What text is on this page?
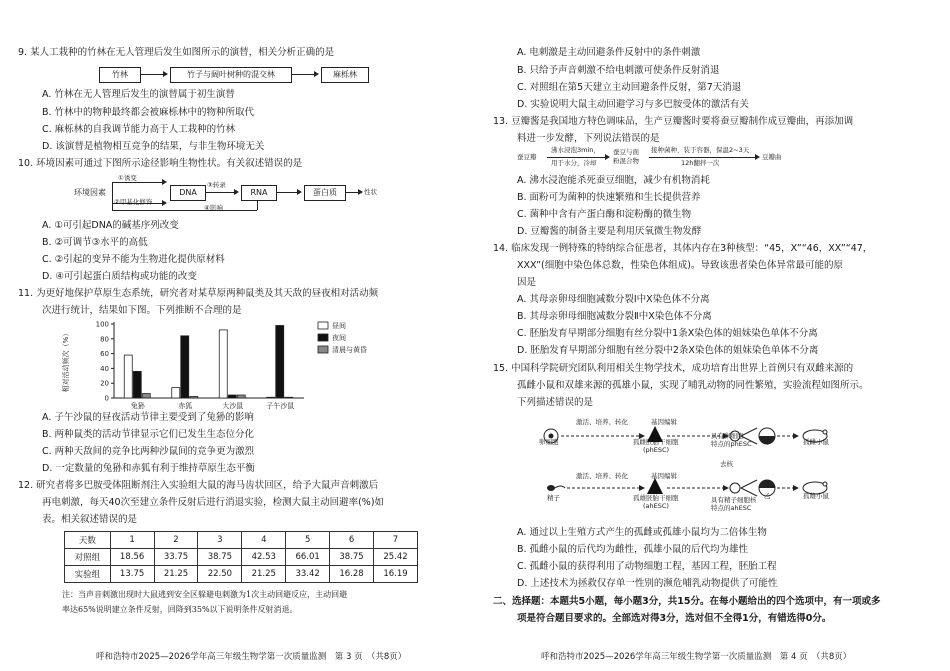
9. 某人工栽种的竹林在无人管理后发生如图所示的演替，相关分析正确的是
竹林	竹子与阔叶树种的混交林	麻栎林
A. 竹林在无人管理后发生的演替属于初生演替
B. 竹林中的物种最终都会被麻栎林中的物种所取代
C. 麻栎林的自我调节能力高于人工栽种的竹林
D. 该演替是植物相互竞争的结果，与非生物环境无关
10. 环境因素可通过下图所示途径影响生物性状。有关叙述错误的是
环境因素
①诱变
②甲基化修饰
④影响
DNA
③转录
RNA	蛋白质	性状
A. ①可引起DNA的碱基序列改变
B. ②可调节③水平的高低
C. ②引起的变异不能为生物进化提供原材料
D. ④可引起蛋白质结构或功能的改变
11. 为更好地保护草原生态系统，研究者对某草原两种鼠类及其天敌的昼夜相对活动频
次进行统计，结果如下图。下列推断不合理的是
相对活动频次（%）
0
20
40
60
80
100
兔狲	赤狐	大沙鼠	子午沙鼠
昼间
夜间
清晨与黄昏
A. 子午沙鼠的昼夜活动节律主要受到了兔狲的影响
B. 两种鼠类的活动节律显示它们已发生生态位分化
C. 两种天敌间的竞争比两种沙鼠间的竞争更为激烈
D. 一定数量的兔狲和赤狐有利于维持草原生态平衡
12. 研究者将多巴胺受体阻断剂注入实验组大鼠的海马齿状回区，给予大鼠声音刺激后
再电刺激，每天40次至建立条件反射后进行消退实验，检测大鼠主动回避率(%)如
表。相关叙述错误的是
天数	1	2	3	4	5	6	7
对照组	18.56	33.75	38.75	42.53	66.01	38.75	25.42
实验组	13.75	21.25	22.50	21.25	33.42	16.28	16.19
注：当声音刺激出现时大鼠逃到安全区躲避电刺激为1次主动回避反应，主动回避
率达65%说明建立条件反射，回降到35%以下说明条件反射消退。
呼和浩特市2025—2026学年高三年级生物学第一次质量监测　第 3 页　（共8页）
A. 电刺激是主动回避条件反射中的条件刺激
B. 只给予声音刺激不给电刺激可使条件反射消退
C. 对照组在第5天建立主动回避条件反射，第7天消退
D. 实验说明大鼠主动回避学习与多巴胺受体的激活有关
13. 豆瓣酱是我国地方特色调味品，生产豆瓣酱时要将蚕豆瓣制作成豆瓣曲，再添加调
料进一步发酵，下列说法错误的是
蚕豆瓣
沸水浸泡3min，
用于水分，冷却
蚕豆与面
粉混合物
接种菌种，装于容器，保温2~3天
12h翻拌一次
豆瓣曲
A. 沸水浸泡能杀死蚕豆细胞，减少有机物消耗
B. 面粉可为菌种的快速繁殖和生长提供营养
C. 菌种中含有产蛋白酶和淀粉酶的微生物
D. 豆瓣酱的制备主要是利用厌氧微生物发酵
14. 临床发现一例特殊的特纳综合征患者，其体内存在3种核型：“45，X”“46，XX”“47，
XXX”(细胞中染色体总数，性染色体组成)。导致该患者染色体异常最可能的原
因是
A. 其母亲卵母细胞减数分裂Ⅰ中X染色体不分离
B. 其母亲卵母细胞减数分裂Ⅱ中X染色体不分离
C. 胚胎发育早期部分细胞有丝分裂中1条X染色体的姐妹染色单体不分离
D. 胚胎发育早期部分细胞有丝分裂中2条X染色体的姐妹染色单体不分离
15. 中国科学院研究团队利用相关生物学技术，成功培育出世界上首例只有双雌来源的
孤雌小鼠和双雄来源的孤雄小鼠，实现了哺乳动物的同性繁殖，实验流程如图所示。
下列描述错误的是
激活、培养、转化	基因编辑
卵细胞	孤雌胚胎干细胞
(phESC)
具有卵细胞
特点的phESC 甲	孤雌小鼠
去核
激活、培养、转化	基因编辑
精子	孤雄胚胎干细胞
(ahESC)
具有精子细胞核
特点的ahESC
乙	孤雄小鼠
A. 通过以上生殖方式产生的孤雌或孤雄小鼠均为二倍体生物
B. 孤雌小鼠的后代均为雌性，孤雄小鼠的后代均为雄性
C. 孤雌小鼠的获得利用了动物细胞工程，基因工程，胚胎工程
D. 上述技术为拯救仅存单一性别的濒危哺乳动物提供了可能性
二、选择题：本题共5小题，每小题3分，共15分。在每小题给出的四个选项中，有一项或多
项是符合题目要求的。全部选对得3分，选对但不全得1分，有错选得0分。
呼和浩特市2025—2026学年高三年级生物学第一次质量监测　第 4 页　（共8页）
